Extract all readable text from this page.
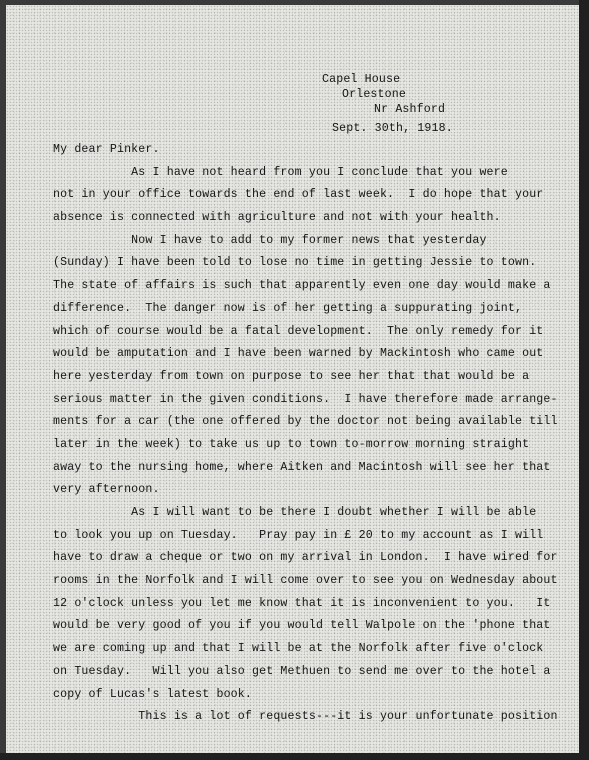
Capel House
Orlestone
Nr Ashford
Sept. 30th, 1918.
My dear Pinker.
As I have not heard from you I conclude that you were
not in your office towards the end of last week.  I do hope that your
absence is connected with agriculture and not with your health.
Now I have to add to my former news that yesterday
(Sunday) I have been told to lose no time in getting Jessie to town.
The state of affairs is such that apparently even one day would make a
difference.  The danger now is of her getting a suppurating joint,
which of course would be a fatal development.  The only remedy for it
would be amputation and I have been warned by Mackintosh who came out
here yesterday from town on purpose to see her that that would be a
serious matter in the given conditions.  I have therefore made arrange-
ments for a car (the one offered by the doctor not being available till
later in the week) to take us up to town to-morrow morning straight
away to the nursing home, where Aitken and Macintosh will see her that
very afternoon.
As I will want to be there I doubt whether I will be able
to look you up on Tuesday.   Pray pay in £ 20 to my account as I will
have to draw a cheque or two on my arrival in London.  I have wired for
rooms in the Norfolk and I will come over to see you on Wednesday about
12 o'clock unless you let me know that it is inconvenient to you.   It
would be very good of you if you would tell Walpole on the 'phone that
we are coming up and that I will be at the Norfolk after five o'clock
on Tuesday.   Will you also get Methuen to send me over to the hotel a
copy of Lucas's latest book.
This is a lot of requests---it is your unfortunate position
